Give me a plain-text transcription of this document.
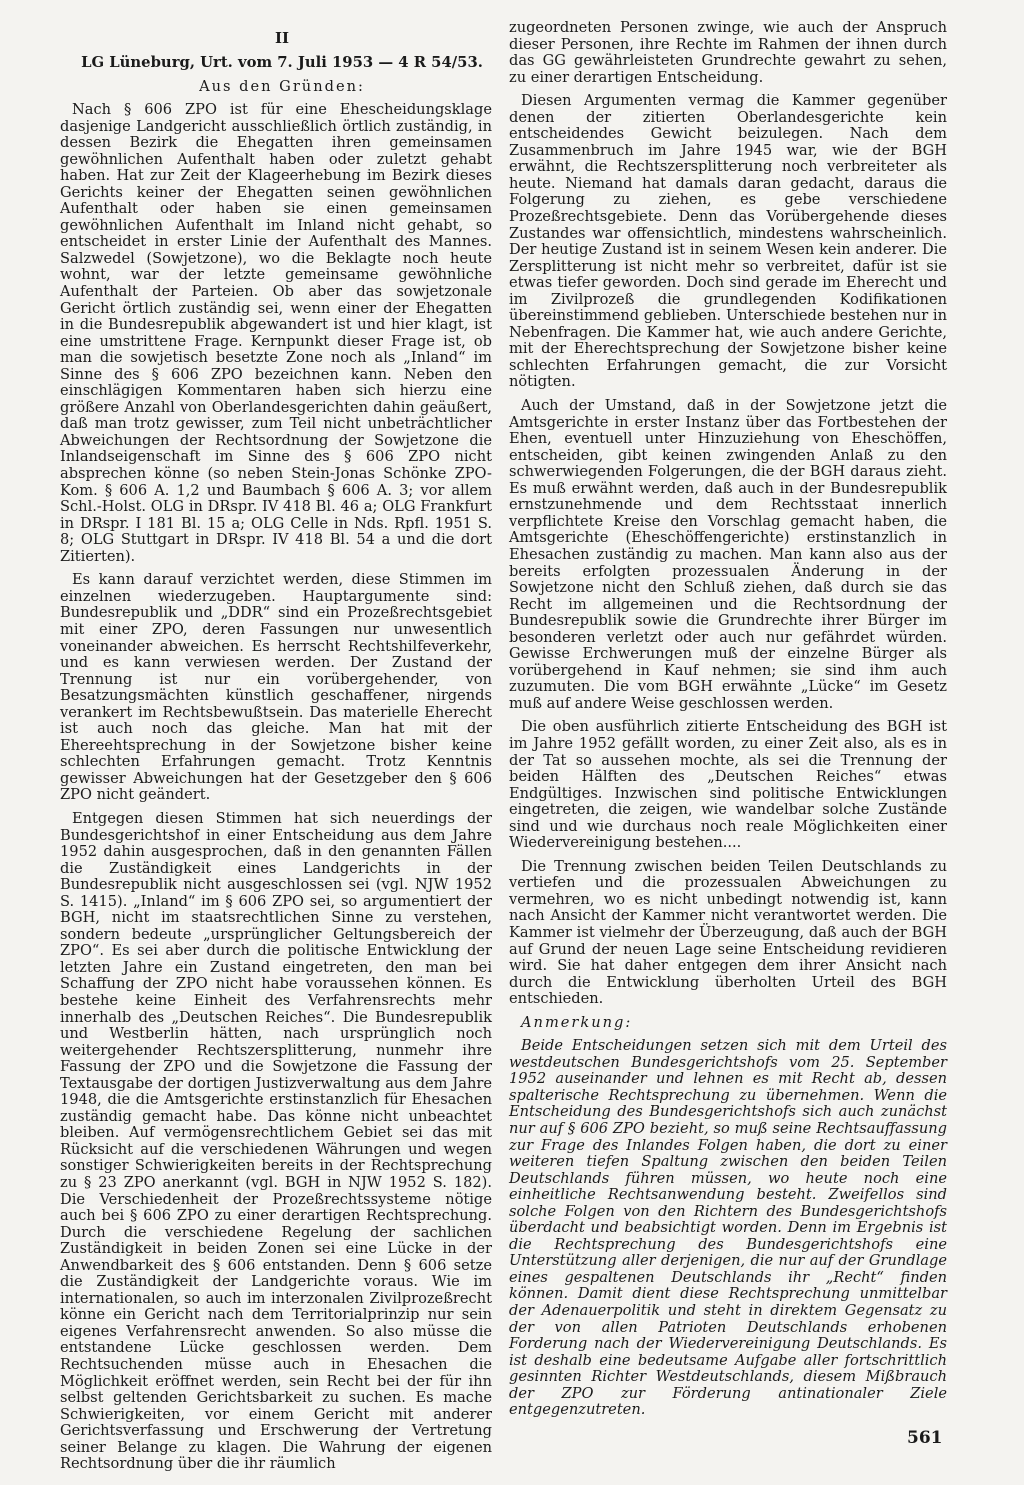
II

LG Lüneburg, Urt. vom 7. Juli 1953 — 4 R 54/53.

Aus den Gründen:

Nach § 606 ZPO ist für eine Ehescheidungsklage dasjenige Landgericht ausschließlich örtlich zuständig, in dessen Bezirk die Ehegatten ihren gemeinsamen gewöhnlichen Aufenthalt haben oder zuletzt gehabt haben. Hat zur Zeit der Klageerhebung im Bezirk dieses Gerichts keiner der Ehegatten seinen gewöhnlichen Aufenthalt oder haben sie einen gemeinsamen gewöhnlichen Aufenthalt im Inland nicht gehabt, so entscheidet in erster Linie der Aufenthalt des Mannes. Salzwedel (Sowjetzone), wo die Beklagte noch heute wohnt, war der letzte gemeinsame gewöhnliche Aufenthalt der Parteien. Ob aber das sowjetzonale Gericht örtlich zuständig sei, wenn einer der Ehegatten in die Bundesrepublik abgewandert ist und hier klagt, ist eine umstrittene Frage. Kernpunkt dieser Frage ist, ob man die sowjetisch besetzte Zone noch als „Inland“ im Sinne des § 606 ZPO bezeichnen kann. Neben den einschlägigen Kommentaren haben sich hierzu eine größere Anzahl von Oberlandesgerichten dahin geäußert, daß man trotz gewisser, zum Teil nicht unbeträchtlicher Abweichungen der Rechtsordnung der Sowjetzone die Inlandseigenschaft im Sinne des § 606 ZPO nicht absprechen könne (so neben Stein-Jonas Schönke ZPO-Kom. § 606 A. 1,2 und Baumbach § 606 A. 3; vor allem Schl.-Holst. OLG in DRspr. IV 418 Bl. 46 a; OLG Frankfurt in DRspr. I 181 Bl. 15 a; OLG Celle in Nds. Rpfl. 1951 S. 8; OLG Stuttgart in DRspr. IV 418 Bl. 54 a und die dort Zitierten).

Es kann darauf verzichtet werden, diese Stimmen im einzelnen wiederzugeben. Hauptargumente sind: Bundesrepublik und „DDR“ sind ein Prozeßrechtsgebiet mit einer ZPO, deren Fassungen nur unwesentlich voneinander abweichen. Es herrscht Rechtshilfeverkehr, und es kann verwiesen werden. Der Zustand der Trennung ist nur ein vorübergehender, von Besatzungsmächten künstlich geschaffener, nirgends verankert im Rechtsbewußtsein. Das materielle Eherecht ist auch noch das gleiche. Man hat mit der Ehereehtsprechung in der Sowjetzone bisher keine schlechten Erfahrungen gemacht. Trotz Kenntnis gewisser Abweichungen hat der Gesetzgeber den § 606 ZPO nicht geändert.

Entgegen diesen Stimmen hat sich neuerdings der Bundesgerichtshof in einer Entscheidung aus dem Jahre 1952 dahin ausgesprochen, daß in den genannten Fällen die Zuständigkeit eines Landgerichts in der Bundesrepublik nicht ausgeschlossen sei (vgl. NJW 1952 S. 1415). „Inland“ im § 606 ZPO sei, so argumentiert der BGH, nicht im staatsrechtlichen Sinne zu verstehen, sondern bedeute „ursprünglicher Geltungsbereich der ZPO“. Es sei aber durch die politische Entwicklung der letzten Jahre ein Zustand eingetreten, den man bei Schaffung der ZPO nicht habe voraussehen können. Es bestehe keine Einheit des Verfahrensrechts mehr innerhalb des „Deutschen Reiches“. Die Bundesrepublik und Westberlin hätten, nach ursprünglich noch weitergehender Rechtszersplitterung, nunmehr ihre Fassung der ZPO und die Sowjetzone die Fassung der Textausgabe der dortigen Justizverwaltung aus dem Jahre 1948, die die Amtsgerichte erstinstanzlich für Ehesachen zuständig gemacht habe. Das könne nicht unbeachtet bleiben. Auf vermögensrechtlichem Gebiet sei das mit Rücksicht auf die verschiedenen Währungen und wegen sonstiger Schwierigkeiten bereits in der Rechtsprechung zu § 23 ZPO anerkannt (vgl. BGH in NJW 1952 S. 182). Die Verschiedenheit der Prozeßrechtssysteme nötige auch bei § 606 ZPO zu einer derartigen Rechtsprechung. Durch die verschiedene Regelung der sachlichen Zuständigkeit in beiden Zonen sei eine Lücke in der Anwendbarkeit des § 606 entstanden. Denn § 606 setze die Zuständigkeit der Landgerichte voraus. Wie im internationalen, so auch im interzonalen Zivilprozeßrecht könne ein Gericht nach dem Territorialprinzip nur sein eigenes Verfahrensrecht anwenden. So also müsse die entstandene Lücke geschlossen werden. Dem Rechtsuchenden müsse auch in Ehesachen die Möglichkeit eröffnet werden, sein Recht bei der für ihn selbst geltenden Gerichtsbarkeit zu suchen. Es mache Schwierigkeiten, vor einem Gericht mit anderer Gerichtsverfassung und Erschwerung der Vertretung seiner Belange zu klagen. Die Wahrung der eigenen Rechtsordnung über die ihr räumlich

zugeordneten Personen zwinge, wie auch der Anspruch dieser Personen, ihre Rechte im Rahmen der ihnen durch das GG gewährleisteten Grundrechte gewahrt zu sehen, zu einer derartigen Entscheidung.

Diesen Argumenten vermag die Kammer gegenüber denen der zitierten Oberlandesgerichte kein entscheidendes Gewicht beizulegen. Nach dem Zusammenbruch im Jahre 1945 war, wie der BGH erwähnt, die Rechtszersplitterung noch verbreiteter als heute. Niemand hat damals daran gedacht, daraus die Folgerung zu ziehen, es gebe verschiedene Prozeßrechtsgebiete. Denn das Vorübergehende dieses Zustandes war offensichtlich, mindestens wahrscheinlich. Der heutige Zustand ist in seinem Wesen kein anderer. Die Zersplitterung ist nicht mehr so verbreitet, dafür ist sie etwas tiefer geworden. Doch sind gerade im Eherecht und im Zivilprozeß die grundlegenden Kodifikationen übereinstimmend geblieben. Unterschiede bestehen nur in Nebenfragen. Die Kammer hat, wie auch andere Gerichte, mit der Eherechtsprechung der Sowjetzone bisher keine schlechten Erfahrungen gemacht, die zur Vorsicht nötigten.

Auch der Umstand, daß in der Sowjetzone jetzt die Amtsgerichte in erster Instanz über das Fortbestehen der Ehen, eventuell unter Hinzuziehung von Eheschöffen, entscheiden, gibt keinen zwingenden Anlaß zu den schwerwiegenden Folgerungen, die der BGH daraus zieht. Es muß erwähnt werden, daß auch in der Bundesrepublik ernstzunehmende und dem Rechtsstaat innerlich verpflichtete Kreise den Vorschlag gemacht haben, die Amtsgerichte (Eheschöffengerichte) erstinstanzlich in Ehesachen zuständig zu machen. Man kann also aus der bereits erfolgten prozessualen Änderung in der Sowjetzone nicht den Schluß ziehen, daß durch sie das Recht im allgemeinen und die Rechtsordnung der Bundesrepublik sowie die Grundrechte ihrer Bürger im besonderen verletzt oder auch nur gefährdet würden. Gewisse Erchwerungen muß der einzelne Bürger als vorübergehend in Kauf nehmen; sie sind ihm auch zuzumuten. Die vom BGH erwähnte „Lücke“ im Gesetz muß auf andere Weise geschlossen werden.

Die oben ausführlich zitierte Entscheidung des BGH ist im Jahre 1952 gefällt worden, zu einer Zeit also, als es in der Tat so aussehen mochte, als sei die Trennung der beiden Hälften des „Deutschen Reiches“ etwas Endgültiges. Inzwischen sind politische Entwicklungen eingetreten, die zeigen, wie wandelbar solche Zustände sind und wie durchaus noch reale Möglichkeiten einer Wiedervereinigung bestehen....

Die Trennung zwischen beiden Teilen Deutschlands zu vertiefen und die prozessualen Abweichungen zu vermehren, wo es nicht unbedingt notwendig ist, kann nach Ansicht der Kammer nicht verantwortet werden. Die Kammer ist vielmehr der Überzeugung, daß auch der BGH auf Grund der neuen Lage seine Entscheidung revidieren wird. Sie hat daher entgegen dem ihrer Ansicht nach durch die Entwicklung überholten Urteil des BGH entschieden.

Anmerkung:

Beide Entscheidungen setzen sich mit dem Urteil des westdeutschen Bundesgerichtshofs vom 25. September 1952 auseinander und lehnen es mit Recht ab, dessen spalterische Rechtsprechung zu übernehmen. Wenn die Entscheidung des Bundesgerichtshofs sich auch zunächst nur auf § 606 ZPO bezieht, so muß seine Rechtsauffassung zur Frage des Inlandes Folgen haben, die dort zu einer weiteren tiefen Spaltung zwischen den beiden Teilen Deutschlands führen müssen, wo heute noch eine einheitliche Rechtsanwendung besteht. Zweifellos sind solche Folgen von den Richtern des Bundesgerichtshofs überdacht und beabsichtigt worden. Denn im Ergebnis ist die Rechtsprechung des Bundesgerichtshofs eine Unterstützung aller derjenigen, die nur auf der Grundlage eines gespaltenen Deutschlands ihr „Recht“ finden können. Damit dient diese Rechtsprechung unmittelbar der Adenauerpolitik und steht in direktem Gegensatz zu der von allen Patrioten Deutschlands erhobenen Forderung nach der Wiedervereinigung Deutschlands. Es ist deshalb eine bedeutsame Aufgabe aller fortschrittlich gesinnten Richter Westdeutschlands, diesem Mißbrauch der ZPO zur Förderung antinationaler Ziele entgegenzutreten.

561
